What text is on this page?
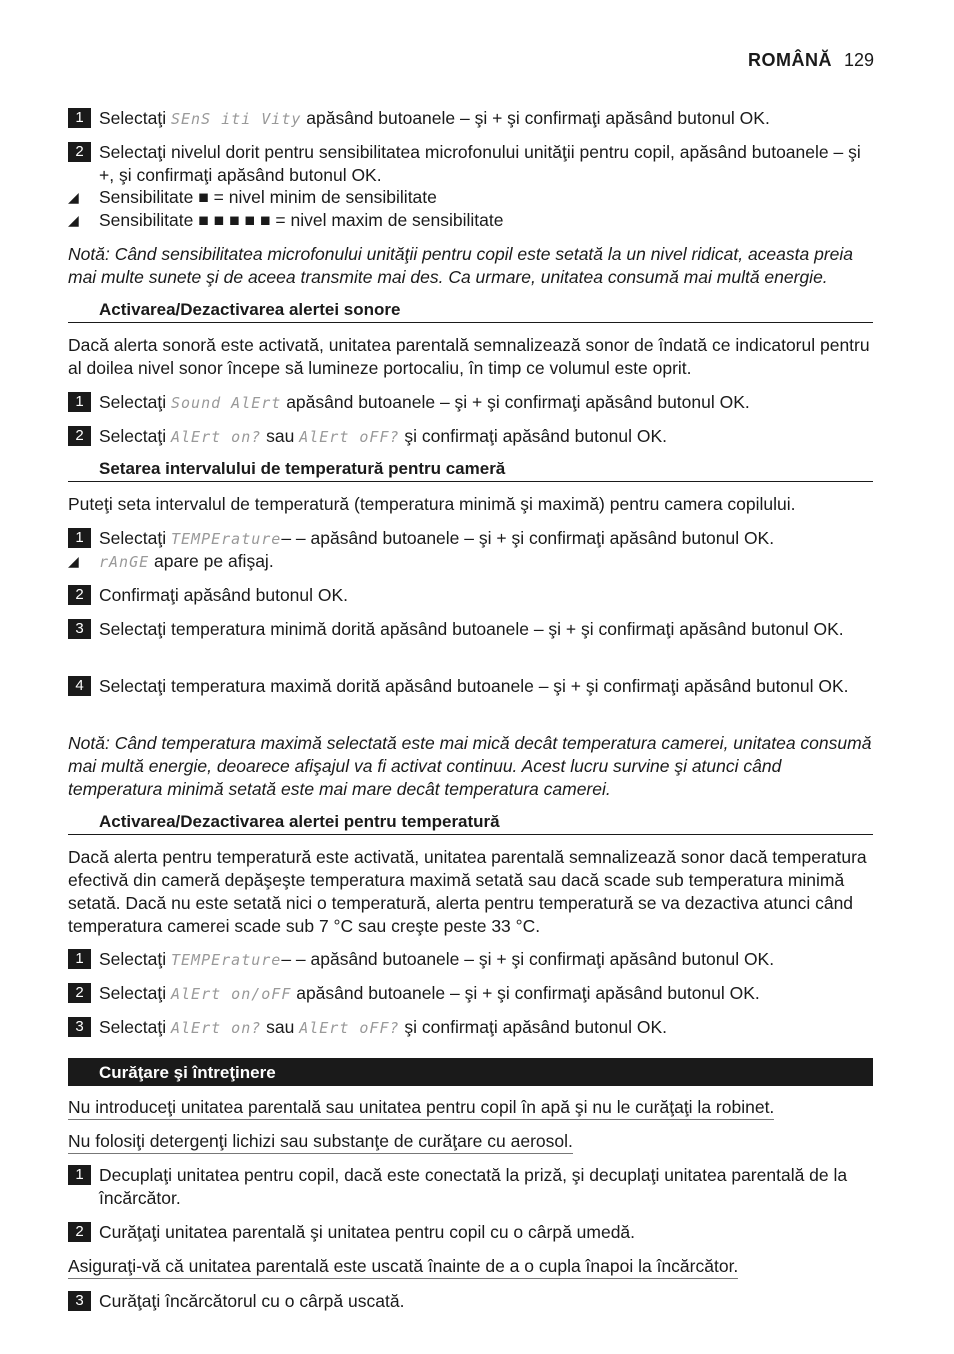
ROMÂNĂ 129
1 Selectaţi SEnS iti Vity apăsând butoanele – şi + şi confirmaţi apăsând butonul OK.
2 Selectaţi nivelul dorit pentru sensibilitatea microfonului unităţii pentru copil, apăsând butoanele – şi +, şi confirmaţi apăsând butonul OK.
◢ Sensibilitate ■ = nivel minim de sensibilitate
◢ Sensibilitate ■ ■ ■ ■ ■ = nivel maxim de sensibilitate
Notă: Când sensibilitatea microfonului unităţii pentru copil este setată la un nivel ridicat, aceasta preia mai multe sunete şi de aceea transmite mai des. Ca urmare, unitatea consumă mai multă energie.
Activarea/Dezactivarea alertei sonore
Dacă alerta sonoră este activată, unitatea parentală semnalizează sonor de îndată ce indicatorul pentru al doilea nivel sonor începe să lumineze portocaliu, în timp ce volumul este oprit.
1 Selectaţi Sound AlErt apăsând butoanele – şi + şi confirmaţi apăsând butonul OK.
2 Selectaţi AlErt on? sau AlErt oFF? şi confirmaţi apăsând butonul OK.
Setarea intervalului de temperatură pentru cameră
Puteţi seta intervalul de temperatură (temperatura minimă şi maximă) pentru camera copilului.
1 Selectaţi TEMPErature– – apăsând butoanele – şi + şi confirmaţi apăsând butonul OK.
◢ rAnGE apare pe afişaj.
2 Confirmaţi apăsând butonul OK.
3 Selectaţi temperatura minimă dorită apăsând butoanele – şi + şi confirmaţi apăsând butonul OK.
4 Selectaţi temperatura maximă dorită apăsând butoanele – şi + şi confirmaţi apăsând butonul OK.
Notă: Când temperatura maximă selectată este mai mică decât temperatura camerei, unitatea consumă mai multă energie, deoarece afişajul va fi activat continuu. Acest lucru survine şi atunci când temperatura minimă setată este mai mare decât temperatura camerei.
Activarea/Dezactivarea alertei pentru temperatură
Dacă alerta pentru temperatură este activată, unitatea parentală semnalizează sonor dacă temperatura efectivă din cameră depăşeşte temperatura maximă setată sau dacă scade sub temperatura minimă setată. Dacă nu este setată nici o temperatură, alerta pentru temperatură se va dezactiva atunci când temperatura camerei scade sub 7 °C sau creşte peste 33 °C.
1 Selectaţi TEMPErature– – apăsând butoanele – şi + şi confirmaţi apăsând butonul OK.
2 Selectaţi AlErt on/oFF apăsând butoanele – şi + şi confirmaţi apăsând butonul OK.
3 Selectaţi AlErt on? sau AlErt oFF? şi confirmaţi apăsând butonul OK.
Curăţare şi întreţinere
Nu introduceţi unitatea parentală sau unitatea pentru copil în apă şi nu le curăţaţi la robinet.
Nu folosiţi detergenţi lichizi sau substanţe de curăţare cu aerosol.
1 Decuplaţi unitatea pentru copil, dacă este conectată la priză, şi decuplaţi unitatea parentală de la încărcător.
2 Curăţaţi unitatea parentală şi unitatea pentru copil cu o cârpă umedă.
Asiguraţi-vă că unitatea parentală este uscată înainte de a o cupla înapoi la încărcător.
3 Curăţaţi încărcătorul cu o cârpă uscată.
